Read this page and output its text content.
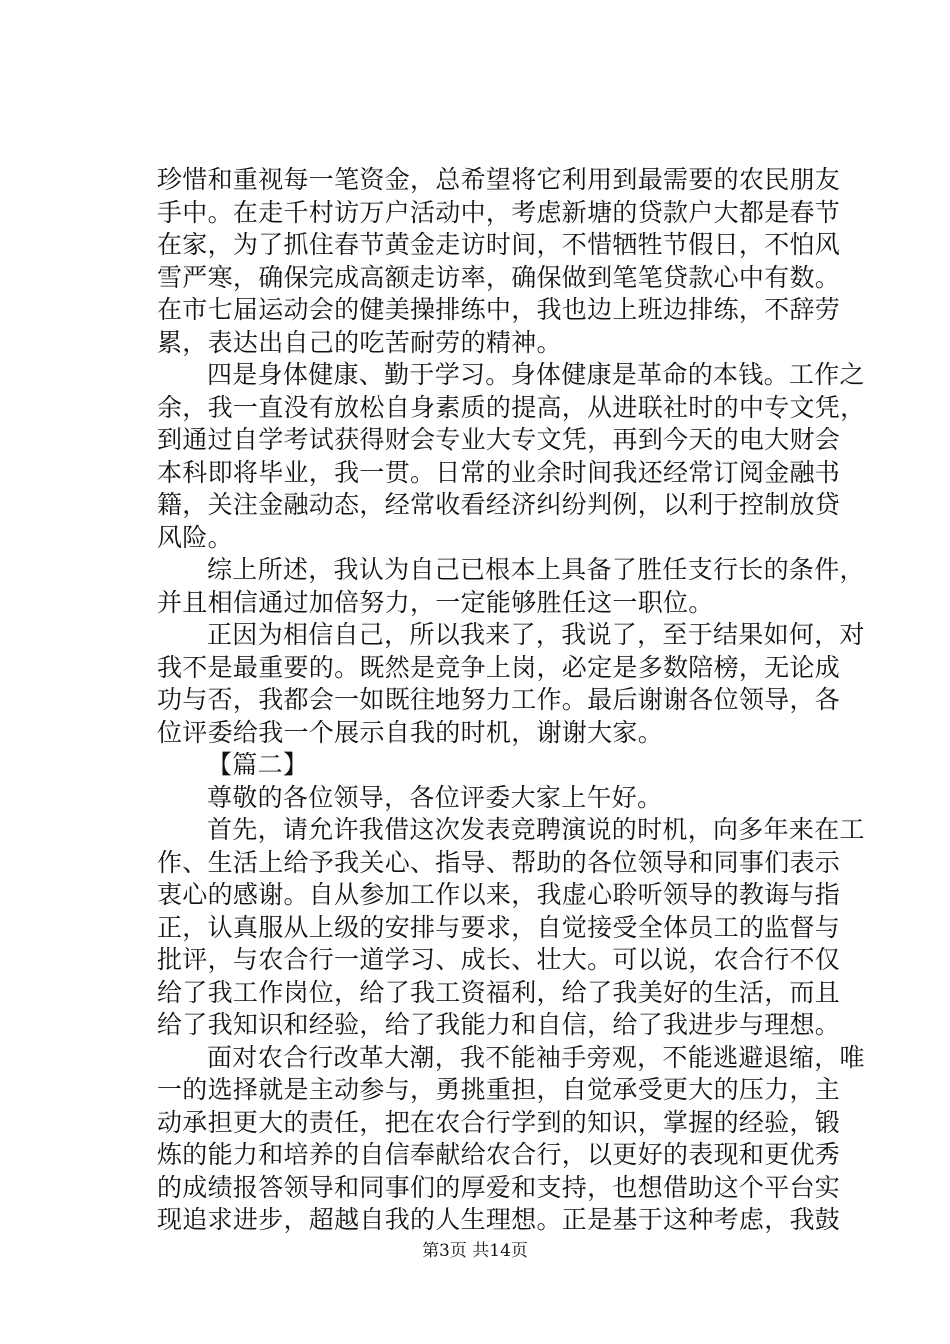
珍惜和重视每一笔资金，总希望将它利用到最需要的农民朋友
手中。在走千村访万户活动中，考虑新塘的贷款户大都是春节
在家，为了抓住春节黄金走访时间，不惜牺牲节假日，不怕风
雪严寒，确保完成高额走访率，确保做到笔笔贷款心中有数。
在市七届运动会的健美操排练中，我也边上班边排练，不辞劳
累，表达出自己的吃苦耐劳的精神。
四是身体健康、勤于学习。身体健康是革命的本钱。工作之
余，我一直没有放松自身素质的提高，从进联社时的中专文凭，
到通过自学考试获得财会专业大专文凭，再到今天的电大财会
本科即将毕业，我一贯。日常的业余时间我还经常订阅金融书
籍，关注金融动态，经常收看经济纠纷判例，以利于控制放贷
风险。
综上所述，我认为自己已根本上具备了胜任支行长的条件，
并且相信通过加倍努力，一定能够胜任这一职位。
正因为相信自己，所以我来了，我说了，至于结果如何，对
我不是最重要的。既然是竞争上岗，必定是多数陪榜，无论成
功与否，我都会一如既往地努力工作。最后谢谢各位领导，各
位评委给我一个展示自我的时机，谢谢大家。
【篇二】
尊敬的各位领导，各位评委大家上午好。
首先，请允许我借这次发表竞聘演说的时机，向多年来在工
作、生活上给予我关心、指导、帮助的各位领导和同事们表示
衷心的感谢。自从参加工作以来，我虚心聆听领导的教诲与指
正，认真服从上级的安排与要求，自觉接受全体员工的监督与
批评，与农合行一道学习、成长、壮大。可以说，农合行不仅
给了我工作岗位，给了我工资福利，给了我美好的生活，而且
给了我知识和经验，给了我能力和自信，给了我进步与理想。
面对农合行改革大潮，我不能袖手旁观，不能逃避退缩，唯
一的选择就是主动参与，勇挑重担，自觉承受更大的压力，主
动承担更大的责任，把在农合行学到的知识，掌握的经验，锻
炼的能力和培养的自信奉献给农合行，以更好的表现和更优秀
的成绩报答领导和同事们的厚爱和支持，也想借助这个平台实
现追求进步，超越自我的人生理想。正是基于这种考虑，我鼓
第3页 共14页
